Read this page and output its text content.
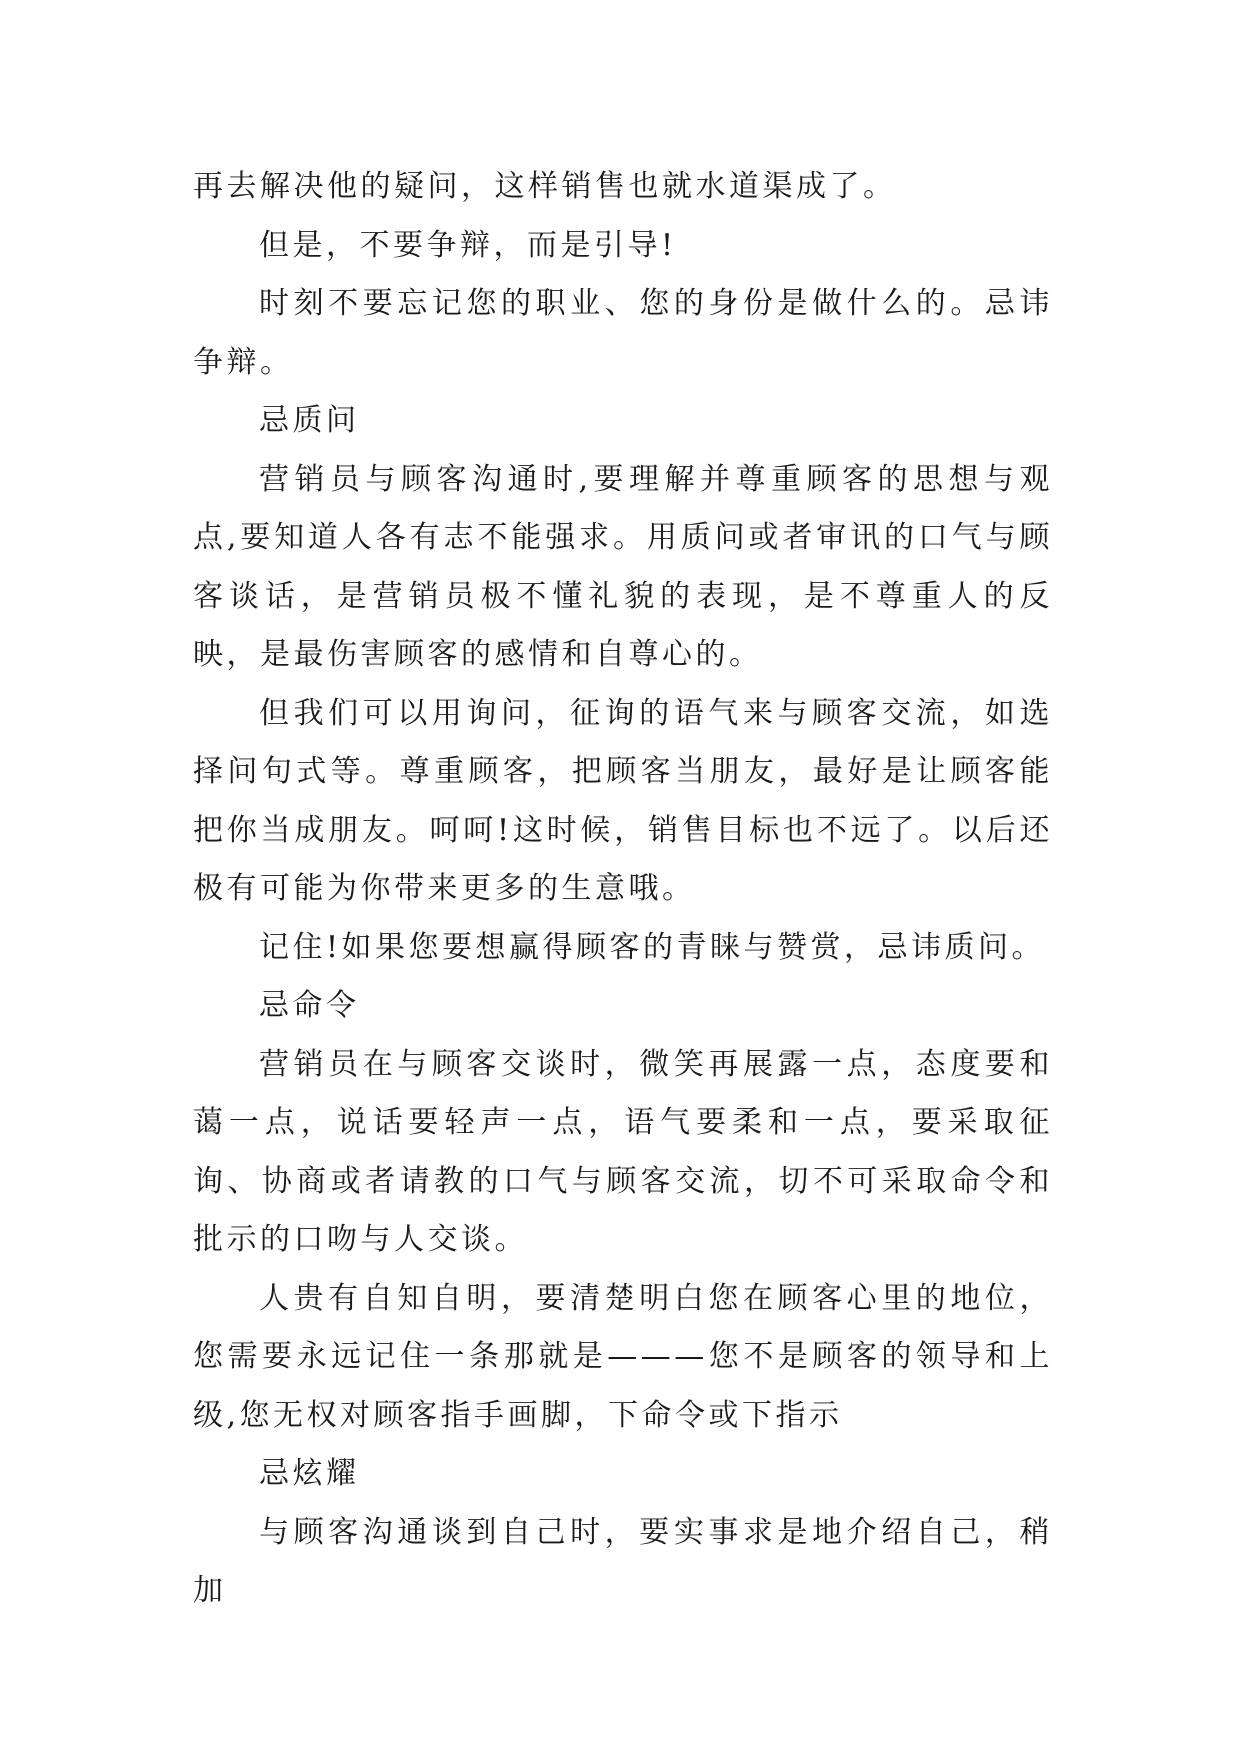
再去解决他的疑问，这样销售也就水道渠成了。

但是，不要争辩，而是引导!

时刻不要忘记您的职业、您的身份是做什么的。忌讳争辩。

忌质问

营销员与顾客沟通时,要理解并尊重顾客的思想与观点,要知道人各有志不能强求。用质问或者审讯的口气与顾客谈话，是营销员极不懂礼貌的表现，是不尊重人的反映，是最伤害顾客的感情和自尊心的。

但我们可以用询问，征询的语气来与顾客交流，如选择问句式等。尊重顾客，把顾客当朋友，最好是让顾客能把你当成朋友。呵呵!这时候，销售目标也不远了。以后还极有可能为你带来更多的生意哦。

记住!如果您要想赢得顾客的青睐与赞赏，忌讳质问。

忌命令

营销员在与顾客交谈时，微笑再展露一点，态度要和蔼一点，说话要轻声一点，语气要柔和一点，要采取征询、协商或者请教的口气与顾客交流，切不可采取命令和批示的口吻与人交谈。

人贵有自知自明，要清楚明白您在顾客心里的地位，您需要永远记住一条那就是———您不是顾客的领导和上级,您无权对顾客指手画脚，下命令或下指示

忌炫耀

与顾客沟通谈到自己时，要实事求是地介绍自己，稍加
